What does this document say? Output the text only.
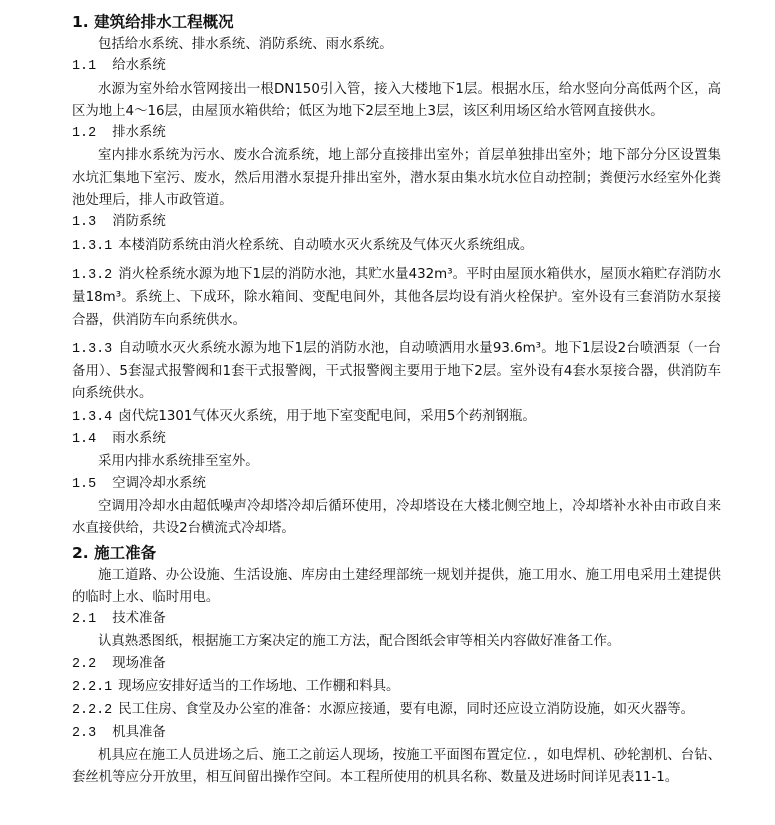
1. 建筑给排水工程概况

包括给水系统、排水系统、消防系统、雨水系统。

1.1 给水系统

水源为室外给水管网接出一根DN150引入管，接入大楼地下1层。根据水压，给水竖向分高低两个区，高区为地上4～16层，由屋顶水箱供给；低区为地下2层至地上3层，该区利用场区给水管网直接供水。

1.2 排水系统

室内排水系统为污水、废水合流系统，地上部分直接排出室外；首层单独排出室外；地下部分分区设置集水坑汇集地下室污、废水，然后用潜水泵提升排出室外，潜水泵由集水坑水位自动控制；粪便污水经室外化粪池处理后，排人市政管道。

1.3 消防系统

1.3.1 本楼消防系统由消火栓系统、自动喷水灭火系统及气体灭火系统组成。

1.3.2 消火栓系统水源为地下1层的消防水池，其贮水量432m³。平时由屋顶水箱供水，屋顶水箱贮存消防水量18m³。系统上、下成环，除水箱间、变配电间外，其他各层均设有消火栓保护。室外设有三套消防水泵接合器，供消防车向系统供水。

1.3.3 自动喷水灭火系统水源为地下1层的消防水池，自动喷洒用水量93.6m³。地下1层设2台喷洒泵（一台备用）、5套湿式报警阀和1套干式报警阀，干式报警阀主要用于地下2层。室外设有4套水泵接合器，供消防车向系统供水。

1.3.4 卤代烷1301气体灭火系统，用于地下室变配电间，采用5个药剂钢瓶。

1.4 雨水系统

采用内排水系统排至室外。

1.5 空调冷却水系统

空调用冷却水由超低噪声冷却塔冷却后循环使用，冷却塔设在大楼北侧空地上，冷却塔补水补由市政自来水直接供给，共设2台横流式冷却塔。

2. 施工准备

施工道路、办公设施、生活设施、库房由土建经理部统一规划并提供，施工用水、施工用电采用土建提供的临时上水、临时用电。

2.1 技术准备

认真熟悉图纸，根据施工方案决定的施工方法，配合图纸会审等相关内容做好准备工作。

2.2 现场准备

2.2.1 现场应安排好适当的工作场地、工作棚和料具。

2.2.2 民工住房、食堂及办公室的准备：水源应接通，要有电源，同时还应设立消防设施，如灭火器等。

2.3 机具准备

机具应在施工人员进场之后、施工之前运人现场，按施工平面图布置定位．，如电焊机、砂轮割机、台钻、套丝机等应分开放里，相互间留出操作空间。本工程所使用的机具名称、数量及进场时间详见表11-1。
